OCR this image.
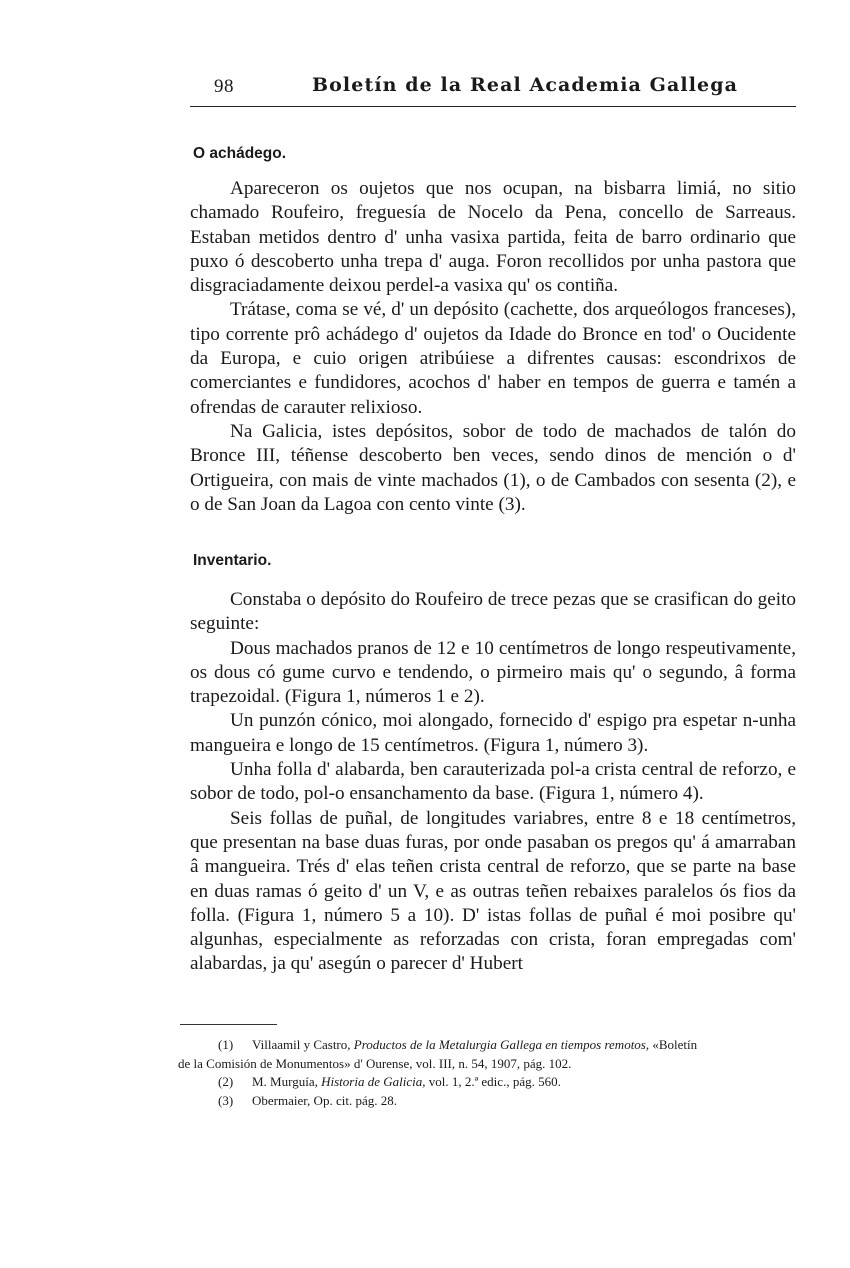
98	Boletín de la Real Academia Gallega
O achádego.

Apareceron os oujetos que nos ocupan, na bisbarra limiá, no sitio chamado Roufeiro, freguesía de Nocelo da Pena, concello de Sarreaus. Estaban metidos dentro d' unha vasixa partida, feita de barro ordinario que puxo ó descoberto unha trepa d' auga. Foron recollidos por unha pastora que disgraciadamente deixou perdel-a vasixa qu' os contiña.

Trátase, coma se vé, d' un depósito (cachette, dos arqueólogos franceses), tipo corrente prô achádego d' oujetos da Idade do Bronce en tod' o Oucidente da Europa, e cuio origen atribúiese a difrentes causas: escondrixos de comerciantes e fundidores, acochos d' haber en tempos de guerra e tamén a ofrendas de carauter relixioso.

Na Galicia, istes depósitos, sobor de todo de machados de talón do Bronce III, téñense descoberto ben veces, sendo dinos de mención o d' Ortigueira, con mais de vinte machados (1), o de Cambados con sesenta (2), e o de San Joan da Lagoa con cento vinte (3).

Inventario.

Constaba o depósito do Roufeiro de trece pezas que se crasifican do geito seguinte:

Dous machados pranos de 12 e 10 centímetros de longo respeutivamente, os dous có gume curvo e tendendo, o pirmeiro mais qu' o segundo, â forma trapezoidal. (Figura 1, números 1 e 2).

Un punzón cónico, moi alongado, fornecido d' espigo pra espetar n-unha mangueira e longo de 15 centímetros. (Figura 1, número 3).

Unha folla d' alabarda, ben carauterizada pol-a crista central de reforzo, e sobor de todo, pol-o ensanchamento da base. (Figura 1, número 4).

Seis follas de puñal, de longitudes variabres, entre 8 e 18 centímetros, que presentan na base duas furas, por onde pasaban os pregos qu' á amarraban â mangueira. Trés d' elas teñen crista central de reforzo, que se parte na base en duas ramas ó geito d' un V, e as outras teñen rebaixes paralelos ós fios da folla. (Figura 1, número 5 a 10). D' istas follas de puñal é moi posibre qu' algunhas, especialmente as reforzadas con crista, foran empregadas com' alabardas, ja qu' asegún o parecer d' Hubert

(1) Villaamil y Castro, Productos de la Metalurgia Gallega en tiempos remotos, «Boletín

de la Comisión de Monumentos» d' Ourense, vol. III, n. 54, 1907, pág. 102.

(2) M. Murguía, Historia de Galicia, vol. 1, 2.ª edic., pág. 560.

(3) Obermaier, Op. cit. pág. 28.
